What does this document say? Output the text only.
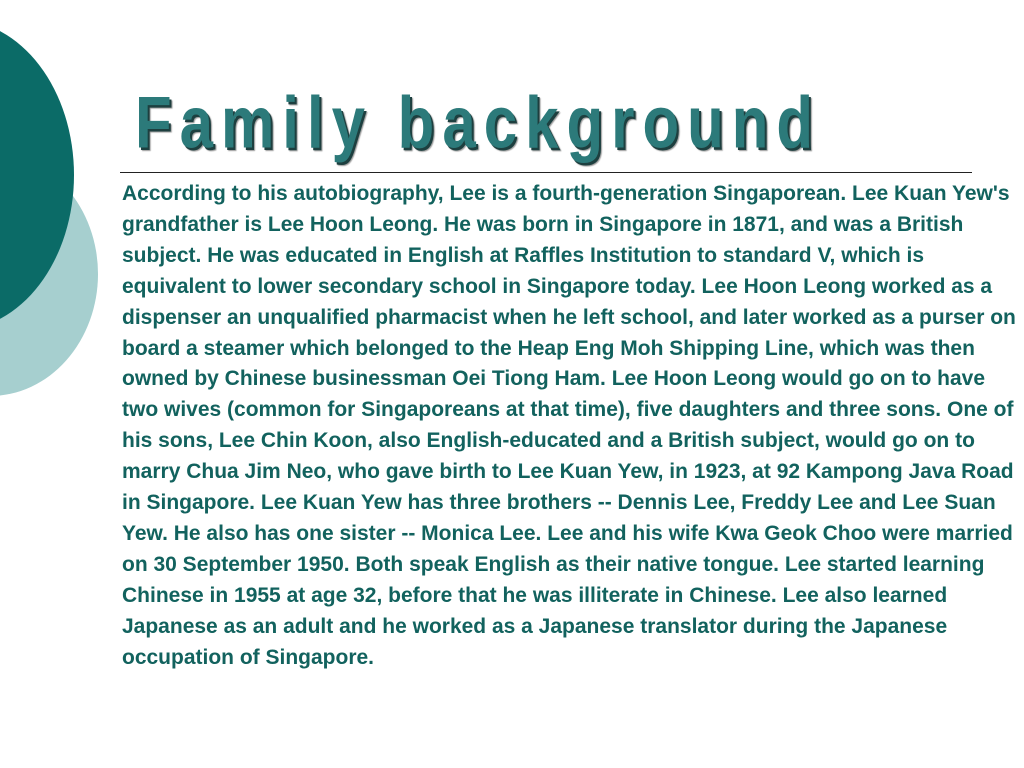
Family background

According to his autobiography, Lee is a fourth-generation Singaporean. Lee Kuan Yew's grandfather is Lee Hoon Leong. He was born in Singapore in 1871, and was a British subject. He was educated in English at Raffles Institution to standard V, which is equivalent to lower secondary school in Singapore today. Lee Hoon Leong worked as a dispenser an unqualified pharmacist when he left school, and later worked as a purser on board a steamer which belonged to the Heap Eng Moh Shipping Line, which was then owned by Chinese businessman Oei Tiong Ham. Lee Hoon Leong would go on to have two wives (common for Singaporeans at that time), five daughters and three sons. One of his sons, Lee Chin Koon, also English-educated and a British subject, would go on to marry Chua Jim Neo, who gave birth to Lee Kuan Yew, in 1923, at 92 Kampong Java Road in Singapore. Lee Kuan Yew has three brothers -- Dennis Lee, Freddy Lee and Lee Suan Yew. He also has one sister -- Monica Lee. Lee and his wife Kwa Geok Choo were married on 30 September 1950. Both speak English as their native tongue. Lee started learning Chinese in 1955 at age 32, before that he was illiterate in Chinese. Lee also learned Japanese as an adult and he worked as a Japanese translator during the Japanese occupation of Singapore.
